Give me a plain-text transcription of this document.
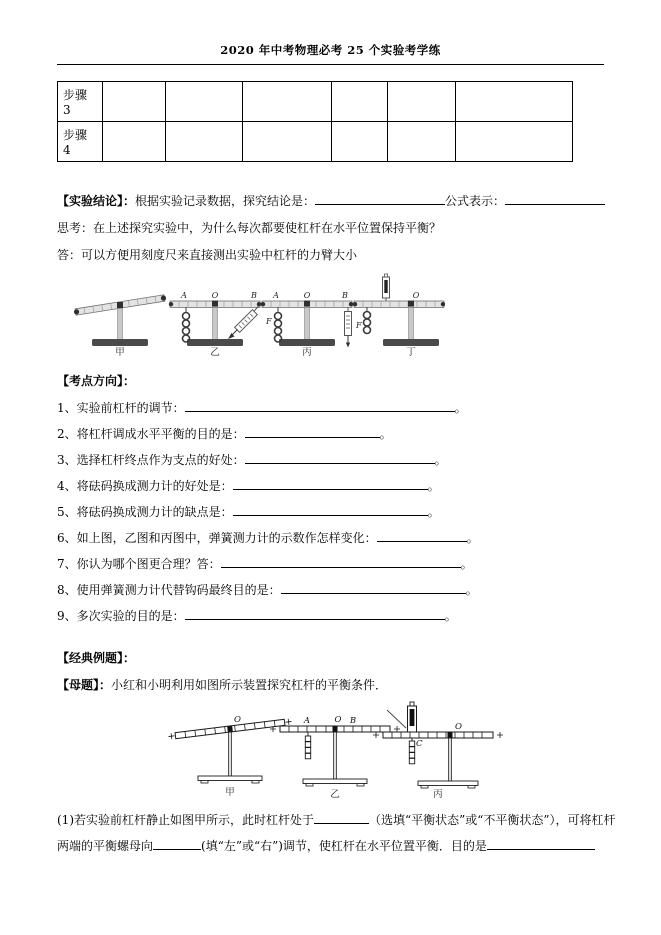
2020 年中考物理必考 25 个实验考学练
步骤 3						
步骤 4						
【实验结论】：根据实验记录数据，探究结论是：	公式表示：
思考：在上述探究实验中，为什么每次都要使杠杆在水平位置保持平衡？
答：可以方便用刻度尺来直接测出实验中杠杆的力臂大小
甲
A	O	B
F
乙
A	O	B
F
丙
O
丁
【考点方向】：
1、实验前杠杆的调节：	。
2、将杠杆调成水平平衡的目的是：	。
3、选择杠杆终点作为支点的好处：	。
4、将砝码换成测力计的好处是：	。
5、将砝码换成测力计的缺点是：	。
6、如上图，乙图和丙图中，弹簧测力计的示数作怎样变化：	。
7、你认为哪个图更合理？答：	。
8、使用弹簧测力计代替钩码最终目的是：	。
9、多次实验的目的是：	。
【经典例题】：
【母题】：小红和小明利用如图所示装置探究杠杆的平衡条件．
O
甲
A	O B
乙
O
C
丙
(1)若实验前杠杆静止如图甲所示，此时杠杆处于	（选填“平衡状态”或“不平衡状态”），可将杠杆
两端的平衡螺母向	(填“左”或“右”)调节，使杠杆在水平位置平衡．目的是
